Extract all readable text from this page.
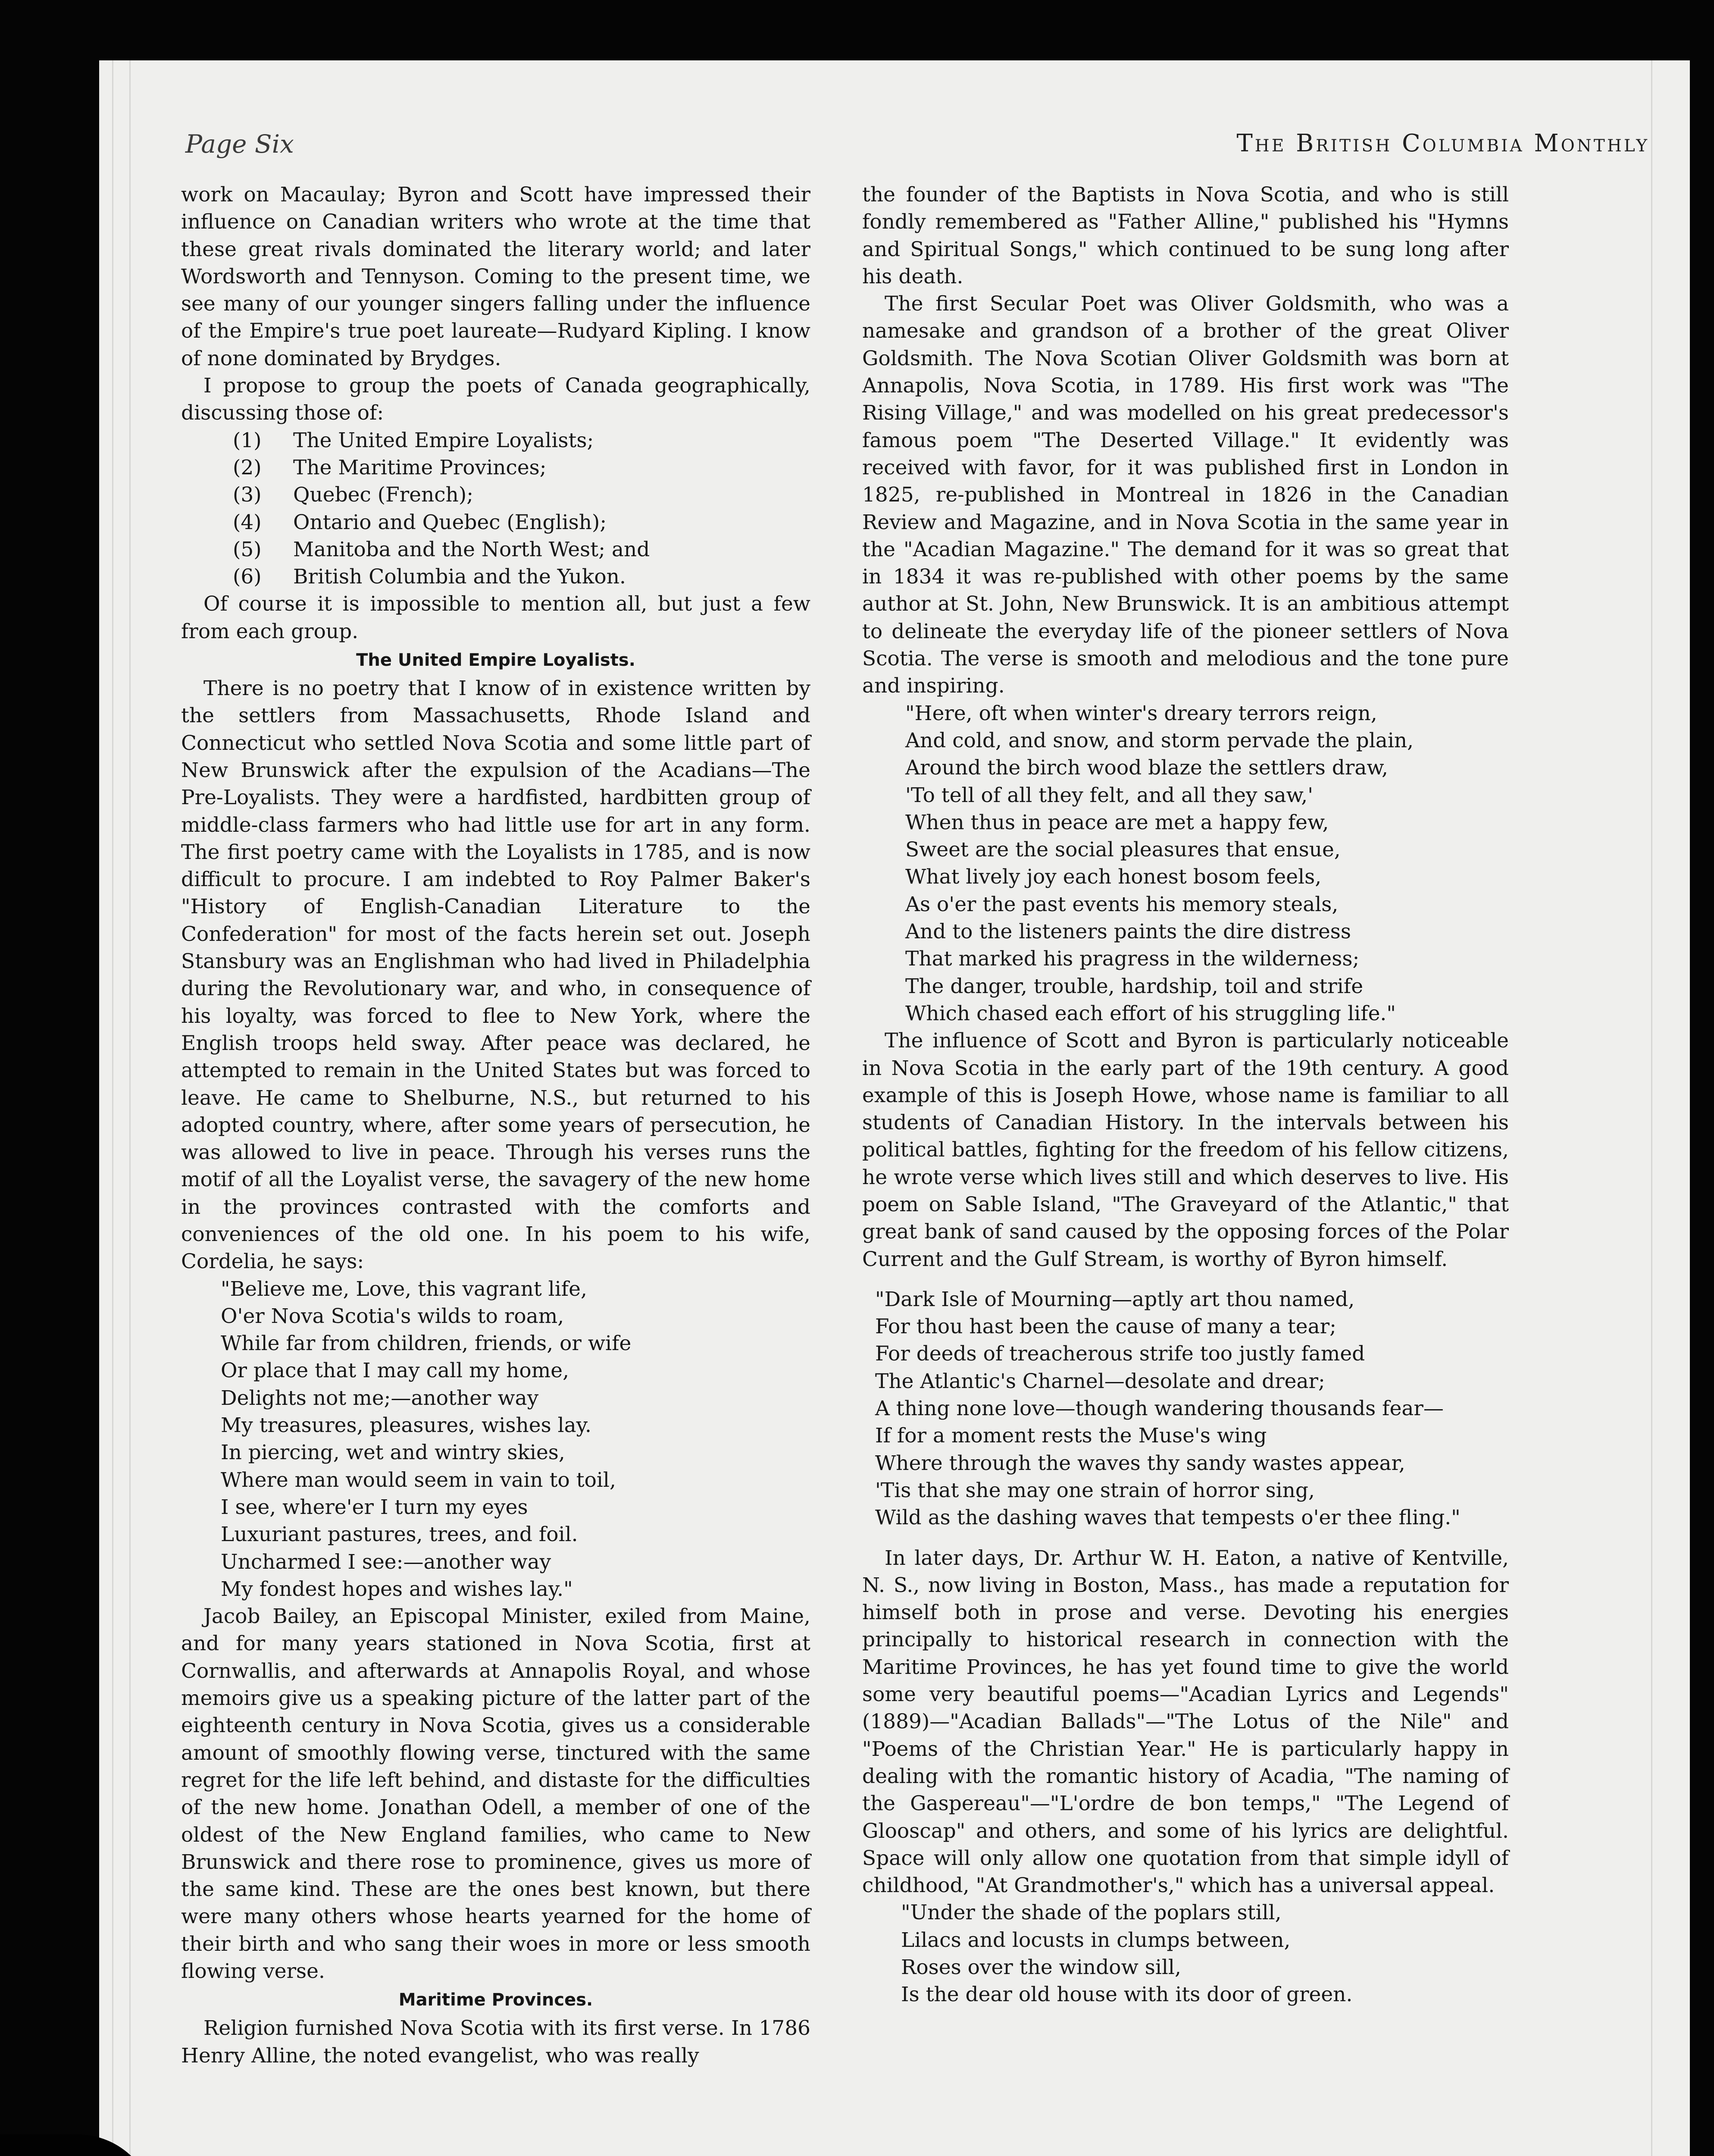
Page Six	The British Columbia Monthly

work on Macaulay; Byron and Scott have impressed their influence on Canadian writers who wrote at the time that these great rivals dominated the literary world; and later Wordsworth and Tennyson. Coming to the present time, we see many of our younger singers falling under the influence of the Empire's true poet laureate—Rudyard Kipling. I know of none dominated by Brydges.

I propose to group the poets of Canada geographically, discussing those of:

(1) The United Empire Loyalists;
(2) The Maritime Provinces;
(3) Quebec (French);
(4) Ontario and Quebec (English);
(5) Manitoba and the North West; and
(6) British Columbia and the Yukon.

Of course it is impossible to mention all, but just a few from each group.

The United Empire Loyalists.

There is no poetry that I know of in existence written by the settlers from Massachusetts, Rhode Island and Connecticut who settled Nova Scotia and some little part of New Brunswick after the expulsion of the Acadians—The Pre-Loyalists. They were a hardfisted, hardbitten group of middle-class farmers who had little use for art in any form. The first poetry came with the Loyalists in 1785, and is now difficult to procure. I am indebted to Roy Palmer Baker's "History of English-Canadian Literature to the Confederation" for most of the facts herein set out. Joseph Stansbury was an Englishman who had lived in Philadelphia during the Revolutionary war, and who, in consequence of his loyalty, was forced to flee to New York, where the English troops held sway. After peace was declared, he attempted to remain in the United States but was forced to leave. He came to Shelburne, N.S., but returned to his adopted country, where, after some years of persecution, he was allowed to live in peace. Through his verses runs the motif of all the Loyalist verse, the savagery of the new home in the provinces contrasted with the comforts and conveniences of the old one. In his poem to his wife, Cordelia, he says:

"Believe me, Love, this vagrant life,
O'er Nova Scotia's wilds to roam,
While far from children, friends, or wife
Or place that I may call my home,
Delights not me;—another way
My treasures, pleasures, wishes lay.
In piercing, wet and wintry skies,
Where man would seem in vain to toil,
I see, where'er I turn my eyes
Luxuriant pastures, trees, and foil.
Uncharmed I see:—another way
My fondest hopes and wishes lay."

Jacob Bailey, an Episcopal Minister, exiled from Maine, and for many years stationed in Nova Scotia, first at Cornwallis, and afterwards at Annapolis Royal, and whose memoirs give us a speaking picture of the latter part of the eighteenth century in Nova Scotia, gives us a considerable amount of smoothly flowing verse, tinctured with the same regret for the life left behind, and distaste for the difficulties of the new home. Jonathan Odell, a member of one of the oldest of the New England families, who came to New Brunswick and there rose to prominence, gives us more of the same kind. These are the ones best known, but there were many others whose hearts yearned for the home of their birth and who sang their woes in more or less smooth flowing verse.

Maritime Provinces.

Religion furnished Nova Scotia with its first verse. In 1786 Henry Alline, the noted evangelist, who was really

the founder of the Baptists in Nova Scotia, and who is still fondly remembered as "Father Alline," published his "Hymns and Spiritual Songs," which continued to be sung long after his death.

The first Secular Poet was Oliver Goldsmith, who was a namesake and grandson of a brother of the great Oliver Goldsmith. The Nova Scotian Oliver Goldsmith was born at Annapolis, Nova Scotia, in 1789. His first work was "The Rising Village," and was modelled on his great predecessor's famous poem "The Deserted Village." It evidently was received with favor, for it was published first in London in 1825, re-published in Montreal in 1826 in the Canadian Review and Magazine, and in Nova Scotia in the same year in the "Acadian Magazine." The demand for it was so great that in 1834 it was re-published with other poems by the same author at St. John, New Brunswick. It is an ambitious attempt to delineate the everyday life of the pioneer settlers of Nova Scotia. The verse is smooth and melodious and the tone pure and inspiring.

"Here, oft when winter's dreary terrors reign,
And cold, and snow, and storm pervade the plain,
Around the birch wood blaze the settlers draw,
'To tell of all they felt, and all they saw,'
When thus in peace are met a happy few,
Sweet are the social pleasures that ensue,
What lively joy each honest bosom feels,
As o'er the past events his memory steals,
And to the listeners paints the dire distress
That marked his pragress in the wilderness;
The danger, trouble, hardship, toil and strife
Which chased each effort of his struggling life."

The influence of Scott and Byron is particularly noticeable in Nova Scotia in the early part of the 19th century. A good example of this is Joseph Howe, whose name is familiar to all students of Canadian History. In the intervals between his political battles, fighting for the freedom of his fellow citizens, he wrote verse which lives still and which deserves to live. His poem on Sable Island, "The Graveyard of the Atlantic," that great bank of sand caused by the opposing forces of the Polar Current and the Gulf Stream, is worthy of Byron himself.

"Dark Isle of Mourning—aptly art thou named,
For thou hast been the cause of many a tear;
For deeds of treacherous strife too justly famed
The Atlantic's Charnel—desolate and drear;
A thing none love—though wandering thousands fear—
If for a moment rests the Muse's wing
Where through the waves thy sandy wastes appear,
'Tis that she may one strain of horror sing,
Wild as the dashing waves that tempests o'er thee fling."

In later days, Dr. Arthur W. H. Eaton, a native of Kentville, N. S., now living in Boston, Mass., has made a reputation for himself both in prose and verse. Devoting his energies principally to historical research in connection with the Maritime Provinces, he has yet found time to give the world some very beautiful poems—"Acadian Lyrics and Legends" (1889)—"Acadian Ballads"—"The Lotus of the Nile" and "Poems of the Christian Year." He is particularly happy in dealing with the romantic history of Acadia, "The naming of the Gaspereau"—"L'ordre de bon temps," "The Legend of Glooscap" and others, and some of his lyrics are delightful. Space will only allow one quotation from that simple idyll of childhood, "At Grandmother's," which has a universal appeal.

"Under the shade of the poplars still,
Lilacs and locusts in clumps between,
Roses over the window sill,
Is the dear old house with its door of green.
